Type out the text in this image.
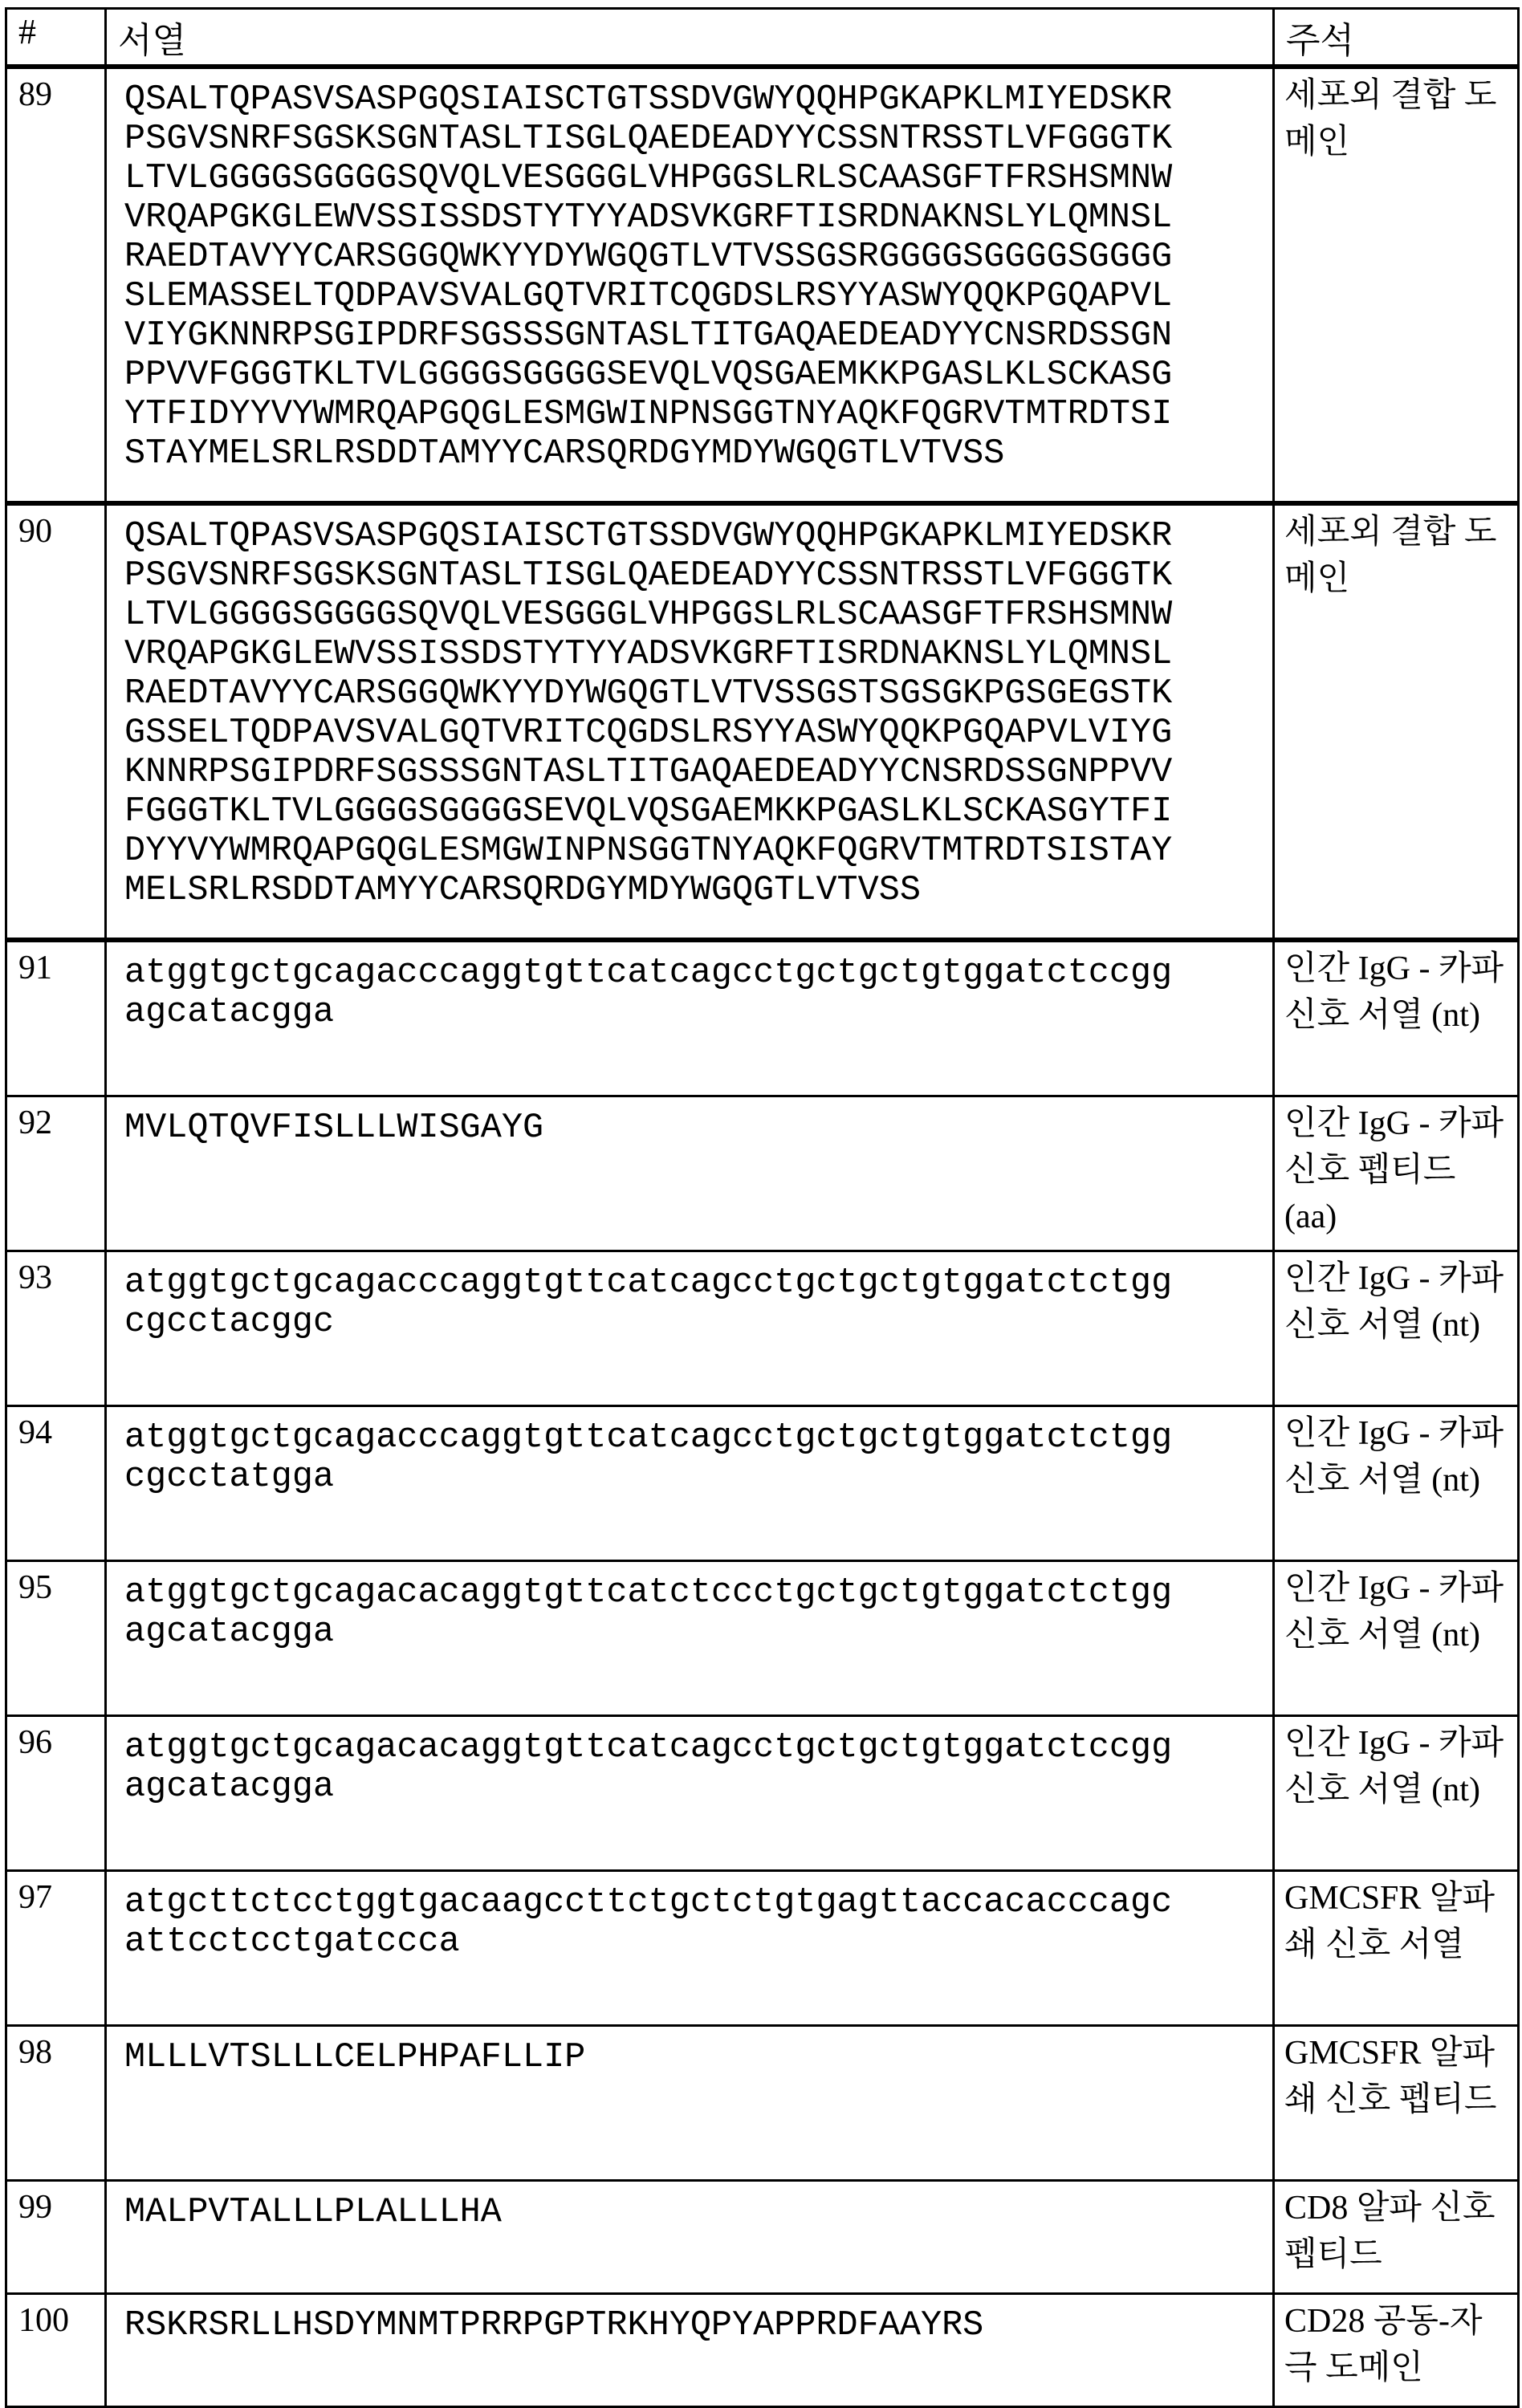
#	서열	주석
89	QSALTQPASVSASPGQSIAISCTGTSSDVGWYQQHPGKAPKLMIYEDSKR
PSGVSNRFSGSKSGNTASLTISGLQAEDEADYYCSSNTRSSTLVFGGGTK
LTVLGGGGSGGGGSQVQLVESGGGLVHPGGSLRLSCAASGFTFRSHSMNW
VRQAPGKGLEWVSSISSDSTYTYYADSVKGRFTISRDNAKNSLYLQMNSL
RAEDTAVYYCARSGGQWKYYDYWGQGTLVTVSSGSRGGGGSGGGGSGGGG
SLEMASSELTQDPAVSVALGQTVRITCQGDSLRSYYASWYQQKPGQAPVL
VIYGKNNRPSGIPDRFSGSSSGNTASLTITGAQAEDEADYYCNSRDSSGN
PPVVFGGGTKLTVLGGGGSGGGGSEVQLVQSGAEMKKPGASLKLSCKASG
YTFIDYYVYWMRQAPGQGLESMGWINPNSGGTNYAQKFQGRVTMTRDTSI
STAYMELSRLRSDDTAMYYCARSQRDGYMDYWGQGTLVTVSS	세포외 결합 도메인
90	QSALTQPASVSASPGQSIAISCTGTSSDVGWYQQHPGKAPKLMIYEDSKR
PSGVSNRFSGSKSGNTASLTISGLQAEDEADYYCSSNTRSSTLVFGGGTK
LTVLGGGGSGGGGSQVQLVESGGGLVHPGGSLRLSCAASGFTFRSHSMNW
VRQAPGKGLEWVSSISSDSTYTYYADSVKGRFTISRDNAKNSLYLQMNSL
RAEDTAVYYCARSGGQWKYYDYWGQGTLVTVSSGSTSGSGKPGSGEGSTK
GSSELTQDPAVSVALGQTVRITCQGDSLRSYYASWYQQKPGQAPVLVIYG
KNNRPSGIPDRFSGSSSGNTASLTITGAQAEDEADYYCNSRDSSGNPPVV
FGGGTKLTVLGGGGSGGGGSEVQLVQSGAEMKKPGASLKLSCKASGYTFI
DYYVYWMRQAPGQGLESMGWINPNSGGTNYAQKFQGRVTMTRDTSISTAY
MELSRLRSDDTAMYYCARSQRDGYMDYWGQGTLVTVSS	세포외 결합 도메인
91	atggtgctgcagacccaggtgttcatcagcctgctgctgtggatctccgg
agcatacgga	인간 IgG - 카파 신호 서열 (nt)
92	MVLQTQVFISLLLWISGAYG	인간 IgG - 카파 신호 펩티드(aa)
93	atggtgctgcagacccaggtgttcatcagcctgctgctgtggatctctgg
cgcctacggc	인간 IgG - 카파 신호 서열 (nt)
94	atggtgctgcagacccaggtgttcatcagcctgctgctgtggatctctgg
cgcctatgga	인간 IgG - 카파 신호 서열 (nt)
95	atggtgctgcagacacaggtgttcatctccctgctgctgtggatctctgg
agcatacgga	인간 IgG - 카파 신호 서열 (nt)
96	atggtgctgcagacacaggtgttcatcagcctgctgctgtggatctccgg
agcatacgga	인간 IgG - 카파 신호 서열 (nt)
97	atgcttctcctggtgacaagccttctgctctgtgagttaccacacccagc
attcctcctgatccca	GMCSFR 알파 쇄 신호 서열
98	MLLLVTSLLLCELPHPAFLLIP	GMCSFR 알파 쇄 신호 펩티드
99	MALPVTALLLPLALLLHA	CD8 알파 신호 펩티드
100	RSKRSRLLHSDYMNMTPRRPGPTRKHYQPYAPPRDFAAYRS	CD28 공동-자극 도메인
